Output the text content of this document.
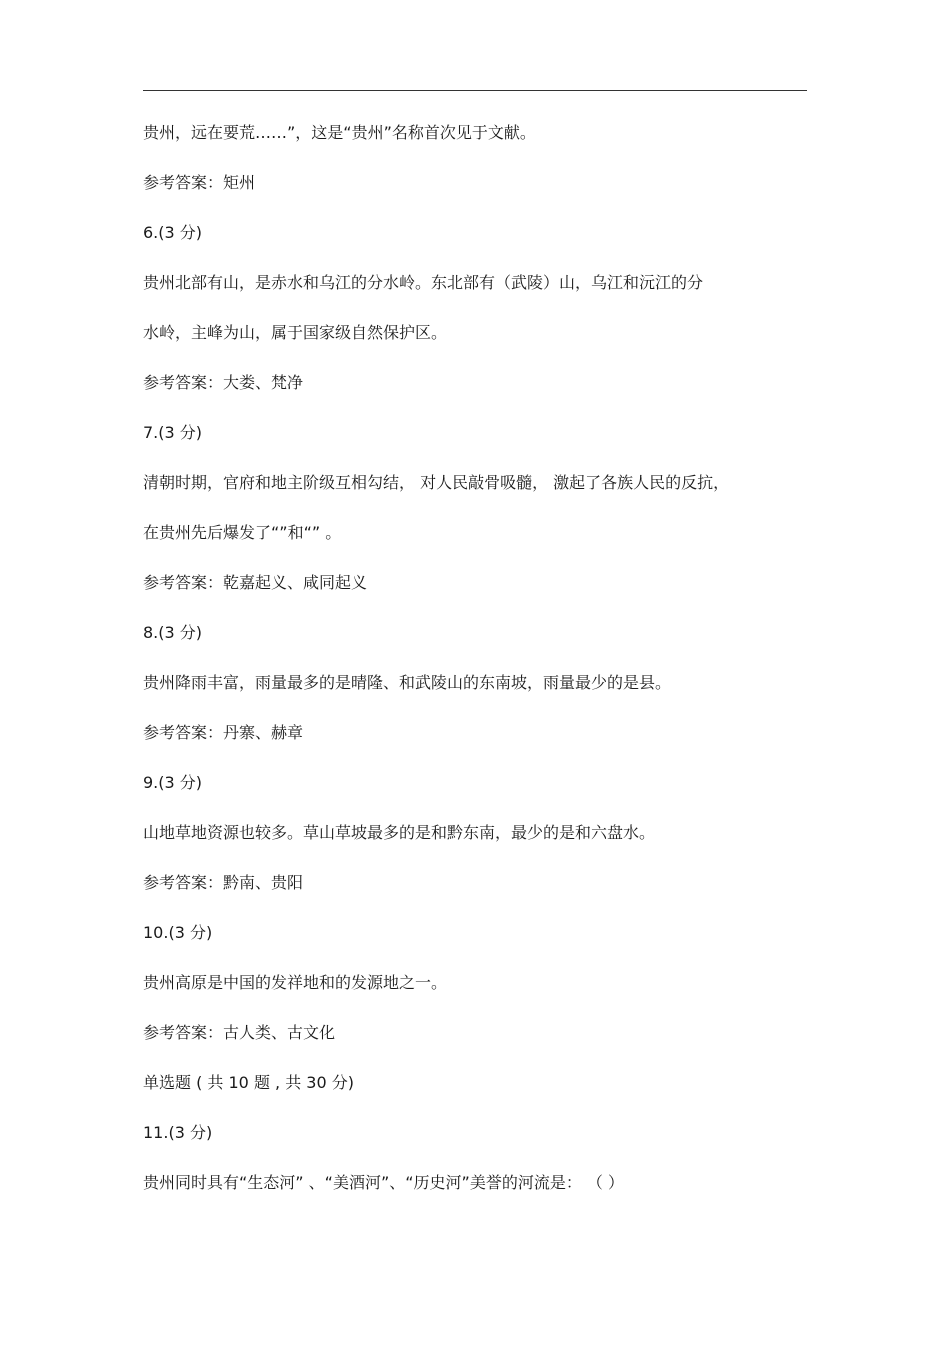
贵州，远在要荒……”，这是“贵州”名称首次见于文献。

参考答案：矩州

6.(3 分)

贵州北部有山，是赤水和乌江的分水岭。东北部有（武陵）山，乌江和沅江的分

水岭，主峰为山，属于国家级自然保护区。

参考答案：大娄、梵净

7.(3 分)

清朝时期，官府和地主阶级互相勾结， 对人民敲骨吸髓， 激起了各族人民的反抗，

在贵州先后爆发了“”和“” 。

参考答案：乾嘉起义、咸同起义

8.(3 分)

贵州降雨丰富，雨量最多的是晴隆、和武陵山的东南坡，雨量最少的是县。

参考答案：丹寨、赫章

9.(3 分)

山地草地资源也较多。草山草坡最多的是和黔东南，最少的是和六盘水。

参考答案：黔南、贵阳

10.(3 分)

贵州高原是中国的发祥地和的发源地之一。

参考答案：古人类、古文化

单选题 ( 共 10 题 , 共 30 分)

11.(3 分)

贵州同时具有“生态河” 、“美酒河”、“历史河”美誉的河流是： （ ）
